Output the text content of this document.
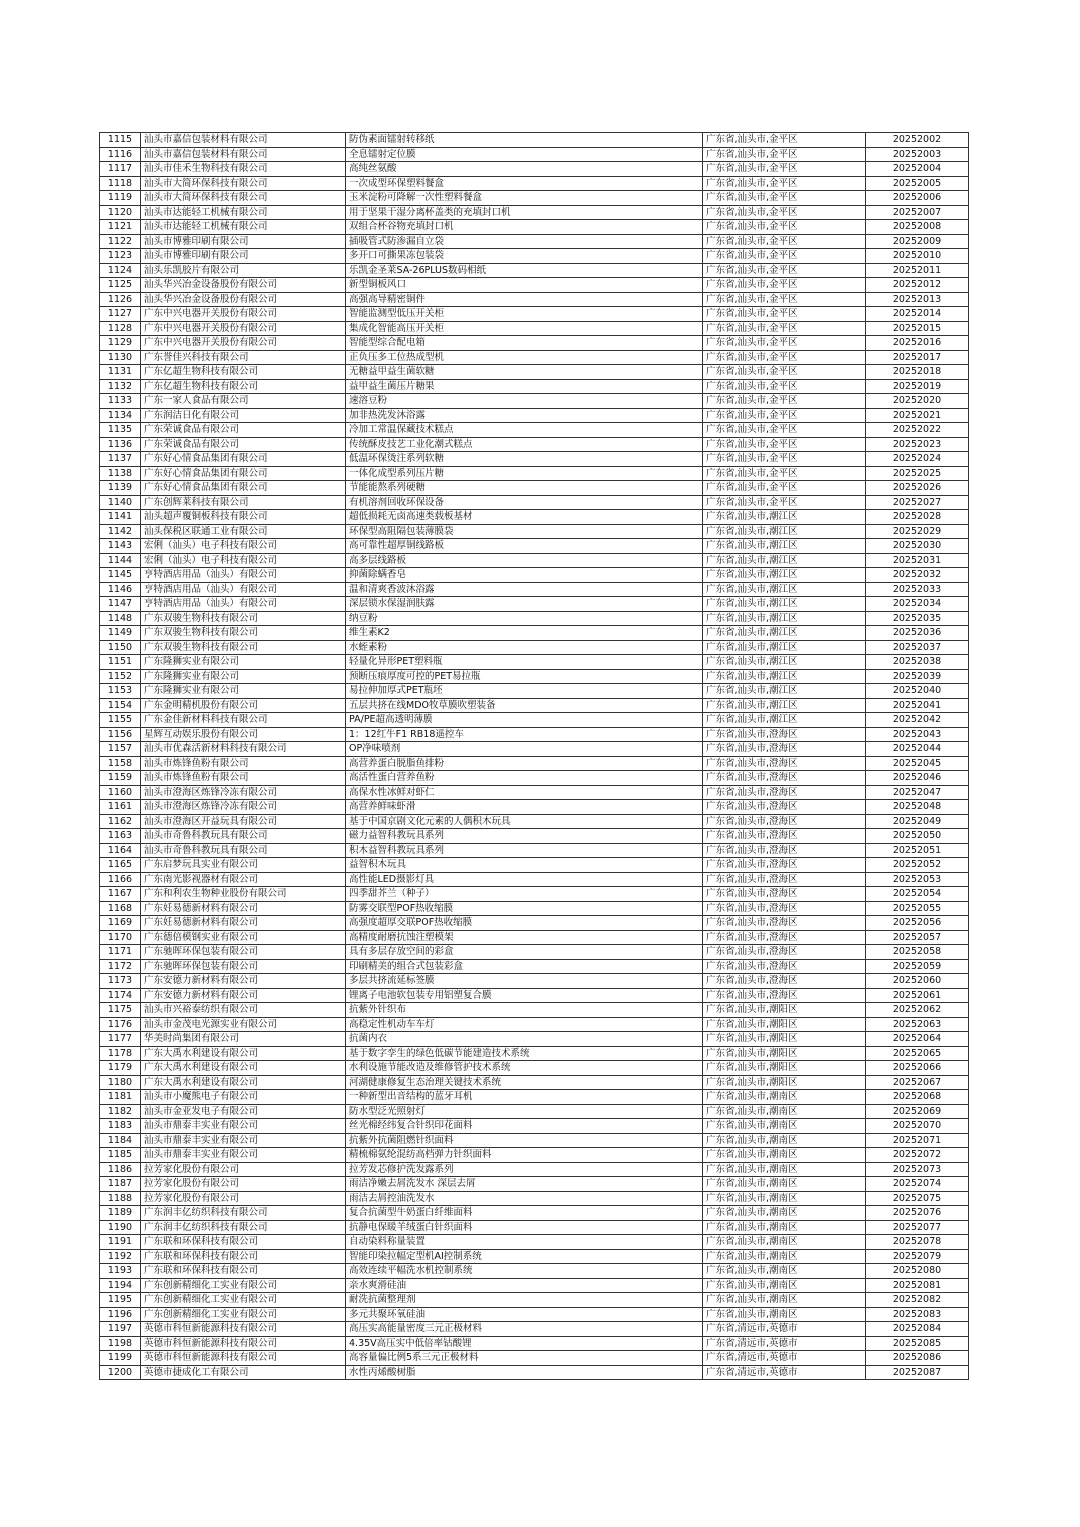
1115	汕头市嘉信包装材料有限公司	防伪素面镭射转移纸	广东省,汕头市,金平区	20252002
1116	汕头市嘉信包装材料有限公司	全息镭射定位膜	广东省,汕头市,金平区	20252003
1117	汕头市佳禾生物科技有限公司	高纯丝氨酸	广东省,汕头市,金平区	20252004
1118	汕头市大简环保科技有限公司	一次成型环保塑料餐盒	广东省,汕头市,金平区	20252005
1119	汕头市大简环保科技有限公司	玉米淀粉可降解一次性塑料餐盒	广东省,汕头市,金平区	20252006
1120	汕头市达能轻工机械有限公司	用于坚果干湿分离杯盖类的充填封口机	广东省,汕头市,金平区	20252007
1121	汕头市达能轻工机械有限公司	双组合杯谷物充填封口机	广东省,汕头市,金平区	20252008
1122	汕头市博雅印刷有限公司	插吸管式防渗漏自立袋	广东省,汕头市,金平区	20252009
1123	汕头市博雅印刷有限公司	多开口可撕果冻包装袋	广东省,汕头市,金平区	20252010
1124	汕头乐凯胶片有限公司	乐凯金圣莱SA-26PLUS数码相纸	广东省,汕头市,金平区	20252011
1125	汕头华兴冶金设备股份有限公司	新型铜板风口	广东省,汕头市,金平区	20252012
1126	汕头华兴冶金设备股份有限公司	高强高导精密铜件	广东省,汕头市,金平区	20252013
1127	广东中兴电器开关股份有限公司	智能监测型低压开关柜	广东省,汕头市,金平区	20252014
1128	广东中兴电器开关股份有限公司	集成化智能高压开关柜	广东省,汕头市,金平区	20252015
1129	广东中兴电器开关股份有限公司	智能型综合配电箱	广东省,汕头市,金平区	20252016
1130	广东誉佳兴科技有限公司	正负压多工位热成型机	广东省,汕头市,金平区	20252017
1131	广东亿超生物科技有限公司	无糖益甲益生菌软糖	广东省,汕头市,金平区	20252018
1132	广东亿超生物科技有限公司	益甲益生菌压片糖果	广东省,汕头市,金平区	20252019
1133	广东一家人食品有限公司	速溶豆粉	广东省,汕头市,金平区	20252020
1134	广东润洁日化有限公司	加非热洗发沐浴露	广东省,汕头市,金平区	20252021
1135	广东荣诚食品有限公司	冷加工常温保藏技术糕点	广东省,汕头市,金平区	20252022
1136	广东荣诚食品有限公司	传统酥皮技艺工业化潮式糕点	广东省,汕头市,金平区	20252023
1137	广东好心情食品集团有限公司	低温环保烫注系列软糖	广东省,汕头市,金平区	20252024
1138	广东好心情食品集团有限公司	一体化成型系列压片糖	广东省,汕头市,金平区	20252025
1139	广东好心情食品集团有限公司	节能能熬系列硬糖	广东省,汕头市,金平区	20252026
1140	广东创辉莱科技有限公司	有机溶剂回收环保设备	广东省,汕头市,金平区	20252027
1141	汕头超声覆铜板科技有限公司	超低损耗无卤高速类载板基材	广东省,汕头市,潮江区	20252028
1142	汕头保税区联通工业有限公司	环保型高阻隔包装薄膜袋	广东省,汕头市,潮江区	20252029
1143	宏俐（汕头）电子科技有限公司	高可靠性超厚铜线路板	广东省,汕头市,潮江区	20252030
1144	宏俐（汕头）电子科技有限公司	高多层线路板	广东省,汕头市,潮江区	20252031
1145	亨特酒店用品（汕头）有限公司	抑菌除螨香皂	广东省,汕头市,潮江区	20252032
1146	亨特酒店用品（汕头）有限公司	温和清爽香波沐浴露	广东省,汕头市,潮江区	20252033
1147	亨特酒店用品（汕头）有限公司	深层锁水保湿润肤露	广东省,汕头市,潮江区	20252034
1148	广东双骏生物科技有限公司	纳豆粉	广东省,汕头市,潮江区	20252035
1149	广东双骏生物科技有限公司	维生素K2	广东省,汕头市,潮江区	20252036
1150	广东双骏生物科技有限公司	水蛭素粉	广东省,汕头市,潮江区	20252037
1151	广东隆狮实业有限公司	轻量化异形PET塑料瓶	广东省,汕头市,潮江区	20252038
1152	广东隆狮实业有限公司	预断压痕厚度可控的PET易拉瓶	广东省,汕头市,潮江区	20252039
1153	广东隆狮实业有限公司	易拉伸加厚式PET瓶坯	广东省,汕头市,潮江区	20252040
1154	广东金明精机股份有限公司	五层共挤在线MDO牧草膜吹塑装备	广东省,汕头市,潮江区	20252041
1155	广东金佳新材料科技有限公司	PA/PE超高透明薄膜	广东省,汕头市,潮江区	20252042
1156	星辉互动娱乐股份有限公司	1：12红牛F1 RB18遥控车	广东省,汕头市,澄海区	20252043
1157	汕头市优森活新材料科技有限公司	OP净味喷剂	广东省,汕头市,澄海区	20252044
1158	汕头市炼锋鱼粉有限公司	高营养蛋白脱脂鱼排粉	广东省,汕头市,澄海区	20252045
1159	汕头市炼锋鱼粉有限公司	高活性蛋白营养鱼粉	广东省,汕头市,澄海区	20252046
1160	汕头市澄海区炼锋冷冻有限公司	高保水性冰鲜对虾仁	广东省,汕头市,澄海区	20252047
1161	汕头市澄海区炼锋冷冻有限公司	高营养鲜味虾滑	广东省,汕头市,澄海区	20252048
1162	汕头市澄海区开益玩具有限公司	基于中国京剧文化元素的人偶积木玩具	广东省,汕头市,澄海区	20252049
1163	汕头市奇鲁科教玩具有限公司	磁力益智科教玩具系列	广东省,汕头市,澄海区	20252050
1164	汕头市奇鲁科教玩具有限公司	积木益智科教玩具系列	广东省,汕头市,澄海区	20252051
1165	广东启梦玩具实业有限公司	益智积木玩具	广东省,汕头市,澄海区	20252052
1166	广东南光影视器材有限公司	高性能LED摄影灯具	广东省,汕头市,澄海区	20252053
1167	广东和利农生物种业股份有限公司	四季甜芥兰（种子）	广东省,汕头市,澄海区	20252054
1168	广东妊易德新材料有限公司	防雾交联型POF热收缩膜	广东省,汕头市,澄海区	20252055
1169	广东妊易德新材料有限公司	高强度超厚交联POF热收缩膜	广东省,汕头市,澄海区	20252056
1170	广东德倍模钢实业有限公司	高精度耐磨抗蚀注塑模架	广东省,汕头市,澄海区	20252057
1171	广东驰晖环保包装有限公司	具有多层存放空间的彩盒	广东省,汕头市,澄海区	20252058
1172	广东驰晖环保包装有限公司	印刷精美的组合式包装彩盒	广东省,汕头市,澄海区	20252059
1173	广东安德力新材料有限公司	多层共挤流延标签膜	广东省,汕头市,澄海区	20252060
1174	广东安德力新材料有限公司	锂离子电池软包装专用铝塑复合膜	广东省,汕头市,澄海区	20252061
1175	汕头市兴裕泰纺织有限公司	抗紫外针织布	广东省,汕头市,潮阳区	20252062
1176	汕头市金茂电光源实业有限公司	高稳定性机动车车灯	广东省,汕头市,潮阳区	20252063
1177	华美时尚集团有限公司	抗菌内衣	广东省,汕头市,潮阳区	20252064
1178	广东大禹水利建设有限公司	基于数字孪生的绿色低碳节能建造技术系统	广东省,汕头市,潮阳区	20252065
1179	广东大禹水利建设有限公司	水利设施节能改造及维修管护技术系统	广东省,汕头市,潮阳区	20252066
1180	广东大禹水利建设有限公司	河湖健康修复生态治理关键技术系统	广东省,汕头市,潮阳区	20252067
1181	汕头市小魔熊电子有限公司	一种新型出音结构的蓝牙耳机	广东省,汕头市,潮南区	20252068
1182	汕头市金亚发电子有限公司	防水型泛光照射灯	广东省,汕头市,潮南区	20252069
1183	汕头市鼎泰丰实业有限公司	丝光棉经纬复合针织印花面料	广东省,汕头市,潮南区	20252070
1184	汕头市鼎泰丰实业有限公司	抗紫外抗菌阻燃针织面料	广东省,汕头市,潮南区	20252071
1185	汕头市鼎泰丰实业有限公司	精梳棉氨纶混纺高档弹力针织面料	广东省,汕头市,潮南区	20252072
1186	拉芳家化股份有限公司	拉芳发芯修护洗发露系列	广东省,汕头市,潮南区	20252073
1187	拉芳家化股份有限公司	雨洁净嫩去屑洗发水 深层去屑	广东省,汕头市,潮南区	20252074
1188	拉芳家化股份有限公司	雨洁去屑控油洗发水	广东省,汕头市,潮南区	20252075
1189	广东润丰亿纺织科技有限公司	复合抗菌型牛奶蛋白纤维面料	广东省,汕头市,潮南区	20252076
1190	广东润丰亿纺织科技有限公司	抗静电保暖羊绒蛋白针织面料	广东省,汕头市,潮南区	20252077
1191	广东联和环保科技有限公司	自动染料称量装置	广东省,汕头市,潮南区	20252078
1192	广东联和环保科技有限公司	智能印染拉幅定型机AI控制系统	广东省,汕头市,潮南区	20252079
1193	广东联和环保科技有限公司	高效连续平幅洗水机控制系统	广东省,汕头市,潮南区	20252080
1194	广东创新精细化工实业有限公司	亲水爽滑硅油	广东省,汕头市,潮南区	20252081
1195	广东创新精细化工实业有限公司	耐洗抗菌整理剂	广东省,汕头市,潮南区	20252082
1196	广东创新精细化工实业有限公司	多元共聚环氧硅油	广东省,汕头市,潮南区	20252083
1197	英德市科恒新能源科技有限公司	高压实高能量密度三元正极材料	广东省,清远市,英德市	20252084
1198	英德市科恒新能源科技有限公司	4.35V高压实中低倍率钴酸锂	广东省,清远市,英德市	20252085
1199	英德市科恒新能源科技有限公司	高容量偏比例5系三元正极材料	广东省,清远市,英德市	20252086
1200	英德市捷成化工有限公司	水性丙烯酸树脂	广东省,清远市,英德市	20252087
